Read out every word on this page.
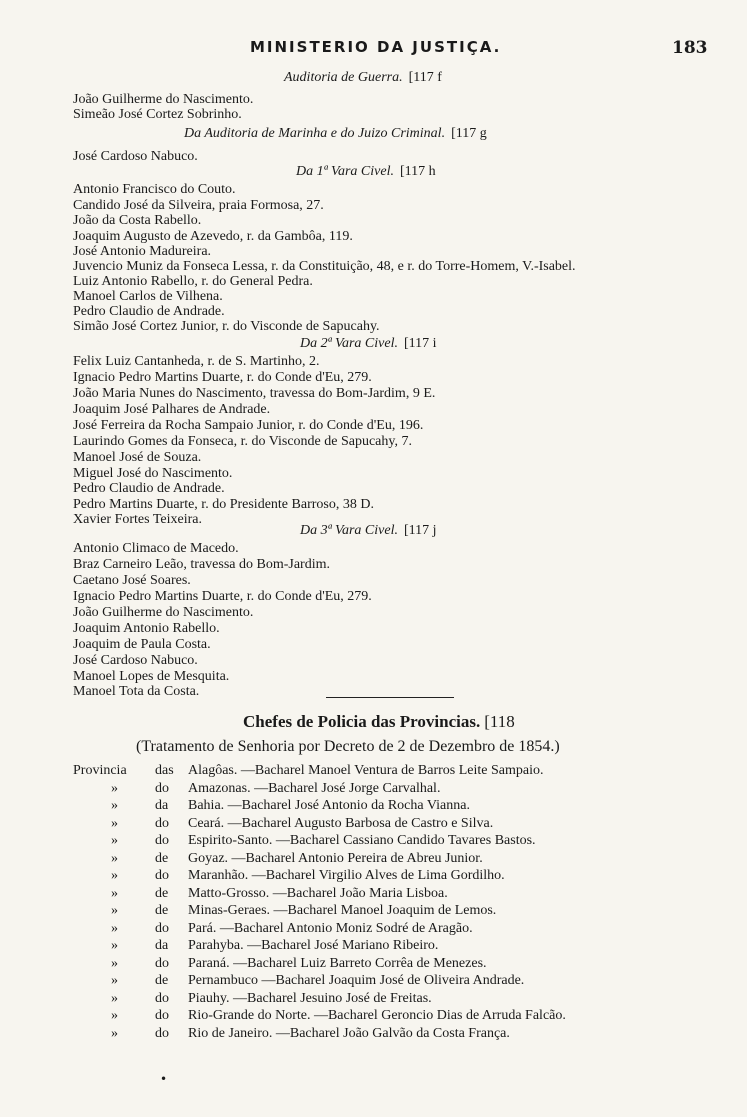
MINISTERIO DA JUSTIÇA.	183
Auditoria de Guerra. [117 f
João Guilherme do Nascimento.
Simeão José Cortez Sobrinho.
Da Auditoria de Marinha e do Juizo Criminal. [117 g
José Cardoso Nabuco.
Da 1ª Vara Civel. [117 h
Antonio Francisco do Couto.
Candido José da Silveira, praia Formosa, 27.
João da Costa Rabello.
Joaquim Augusto de Azevedo, r. da Gambôa, 119.
José Antonio Madureira.
Juvencio Muniz da Fonseca Lessa, r. da Constituição, 48, e r. do Torre-Homem, V.-Isabel.
Luiz Antonio Rabello, r. do General Pedra.
Manoel Carlos de Vilhena.
Pedro Claudio de Andrade.
Simão José Cortez Junior, r. do Visconde de Sapucahy.
Da 2ª Vara Civel. [117 i
Felix Luiz Cantanheda, r. de S. Martinho, 2.
Ignacio Pedro Martins Duarte, r. do Conde d'Eu, 279.
João Maria Nunes do Nascimento, travessa do Bom-Jardim, 9 E.
Joaquim José Palhares de Andrade.
José Ferreira da Rocha Sampaio Junior, r. do Conde d'Eu, 196.
Laurindo Gomes da Fonseca, r. do Visconde de Sapucahy, 7.
Manoel José de Souza.
Miguel José do Nascimento.
Pedro Claudio de Andrade.
Pedro Martins Duarte, r. do Presidente Barroso, 38 D.
Xavier Fortes Teixeira.
Da 3ª Vara Civel. [117 j
Antonio Climaco de Macedo.
Braz Carneiro Leão, travessa do Bom-Jardim.
Caetano José Soares.
Ignacio Pedro Martins Duarte, r. do Conde d'Eu, 279.
João Guilherme do Nascimento.
Joaquim Antonio Rabello.
Joaquim de Paula Costa.
José Cardoso Nabuco.
Manoel Lopes de Mesquita.
Manoel Tota da Costa.
Chefes de Policia das Provincias. [118
(Tratamento de Senhoria por Decreto de 2 de Dezembro de 1854.)
Provincia das Alagôas. —Bacharel Manoel Ventura de Barros Leite Sampaio.
»	do Amazonas. —Bacharel José Jorge Carvalhal.
»	da Bahia. —Bacharel José Antonio da Rocha Vianna.
»	do Ceará. —Bacharel Augusto Barbosa de Castro e Silva.
»	do Espirito-Santo. —Bacharel Cassiano Candido Tavares Bastos.
»	de Goyaz. —Bacharel Antonio Pereira de Abreu Junior.
»	do Maranhão. —Bacharel Virgilio Alves de Lima Gordilho.
»	de Matto-Grosso. —Bacharel João Maria Lisboa.
»	de Minas-Geraes. —Bacharel Manoel Joaquim de Lemos.
»	do Pará. —Bacharel Antonio Moniz Sodré de Aragão.
»	da Parahyba. —Bacharel José Mariano Ribeiro.
»	do Paraná. —Bacharel Luiz Barreto Corrêa de Menezes.
»	de Pernambuco —Bacharel Joaquim José de Oliveira Andrade.
»	do Piauhy. —Bacharel Jesuino José de Freitas.
»	do Rio-Grande do Norte. —Bacharel Geroncio Dias de Arruda Falcão.
»	do Rio de Janeiro. —Bacharel João Galvão da Costa França.
•
